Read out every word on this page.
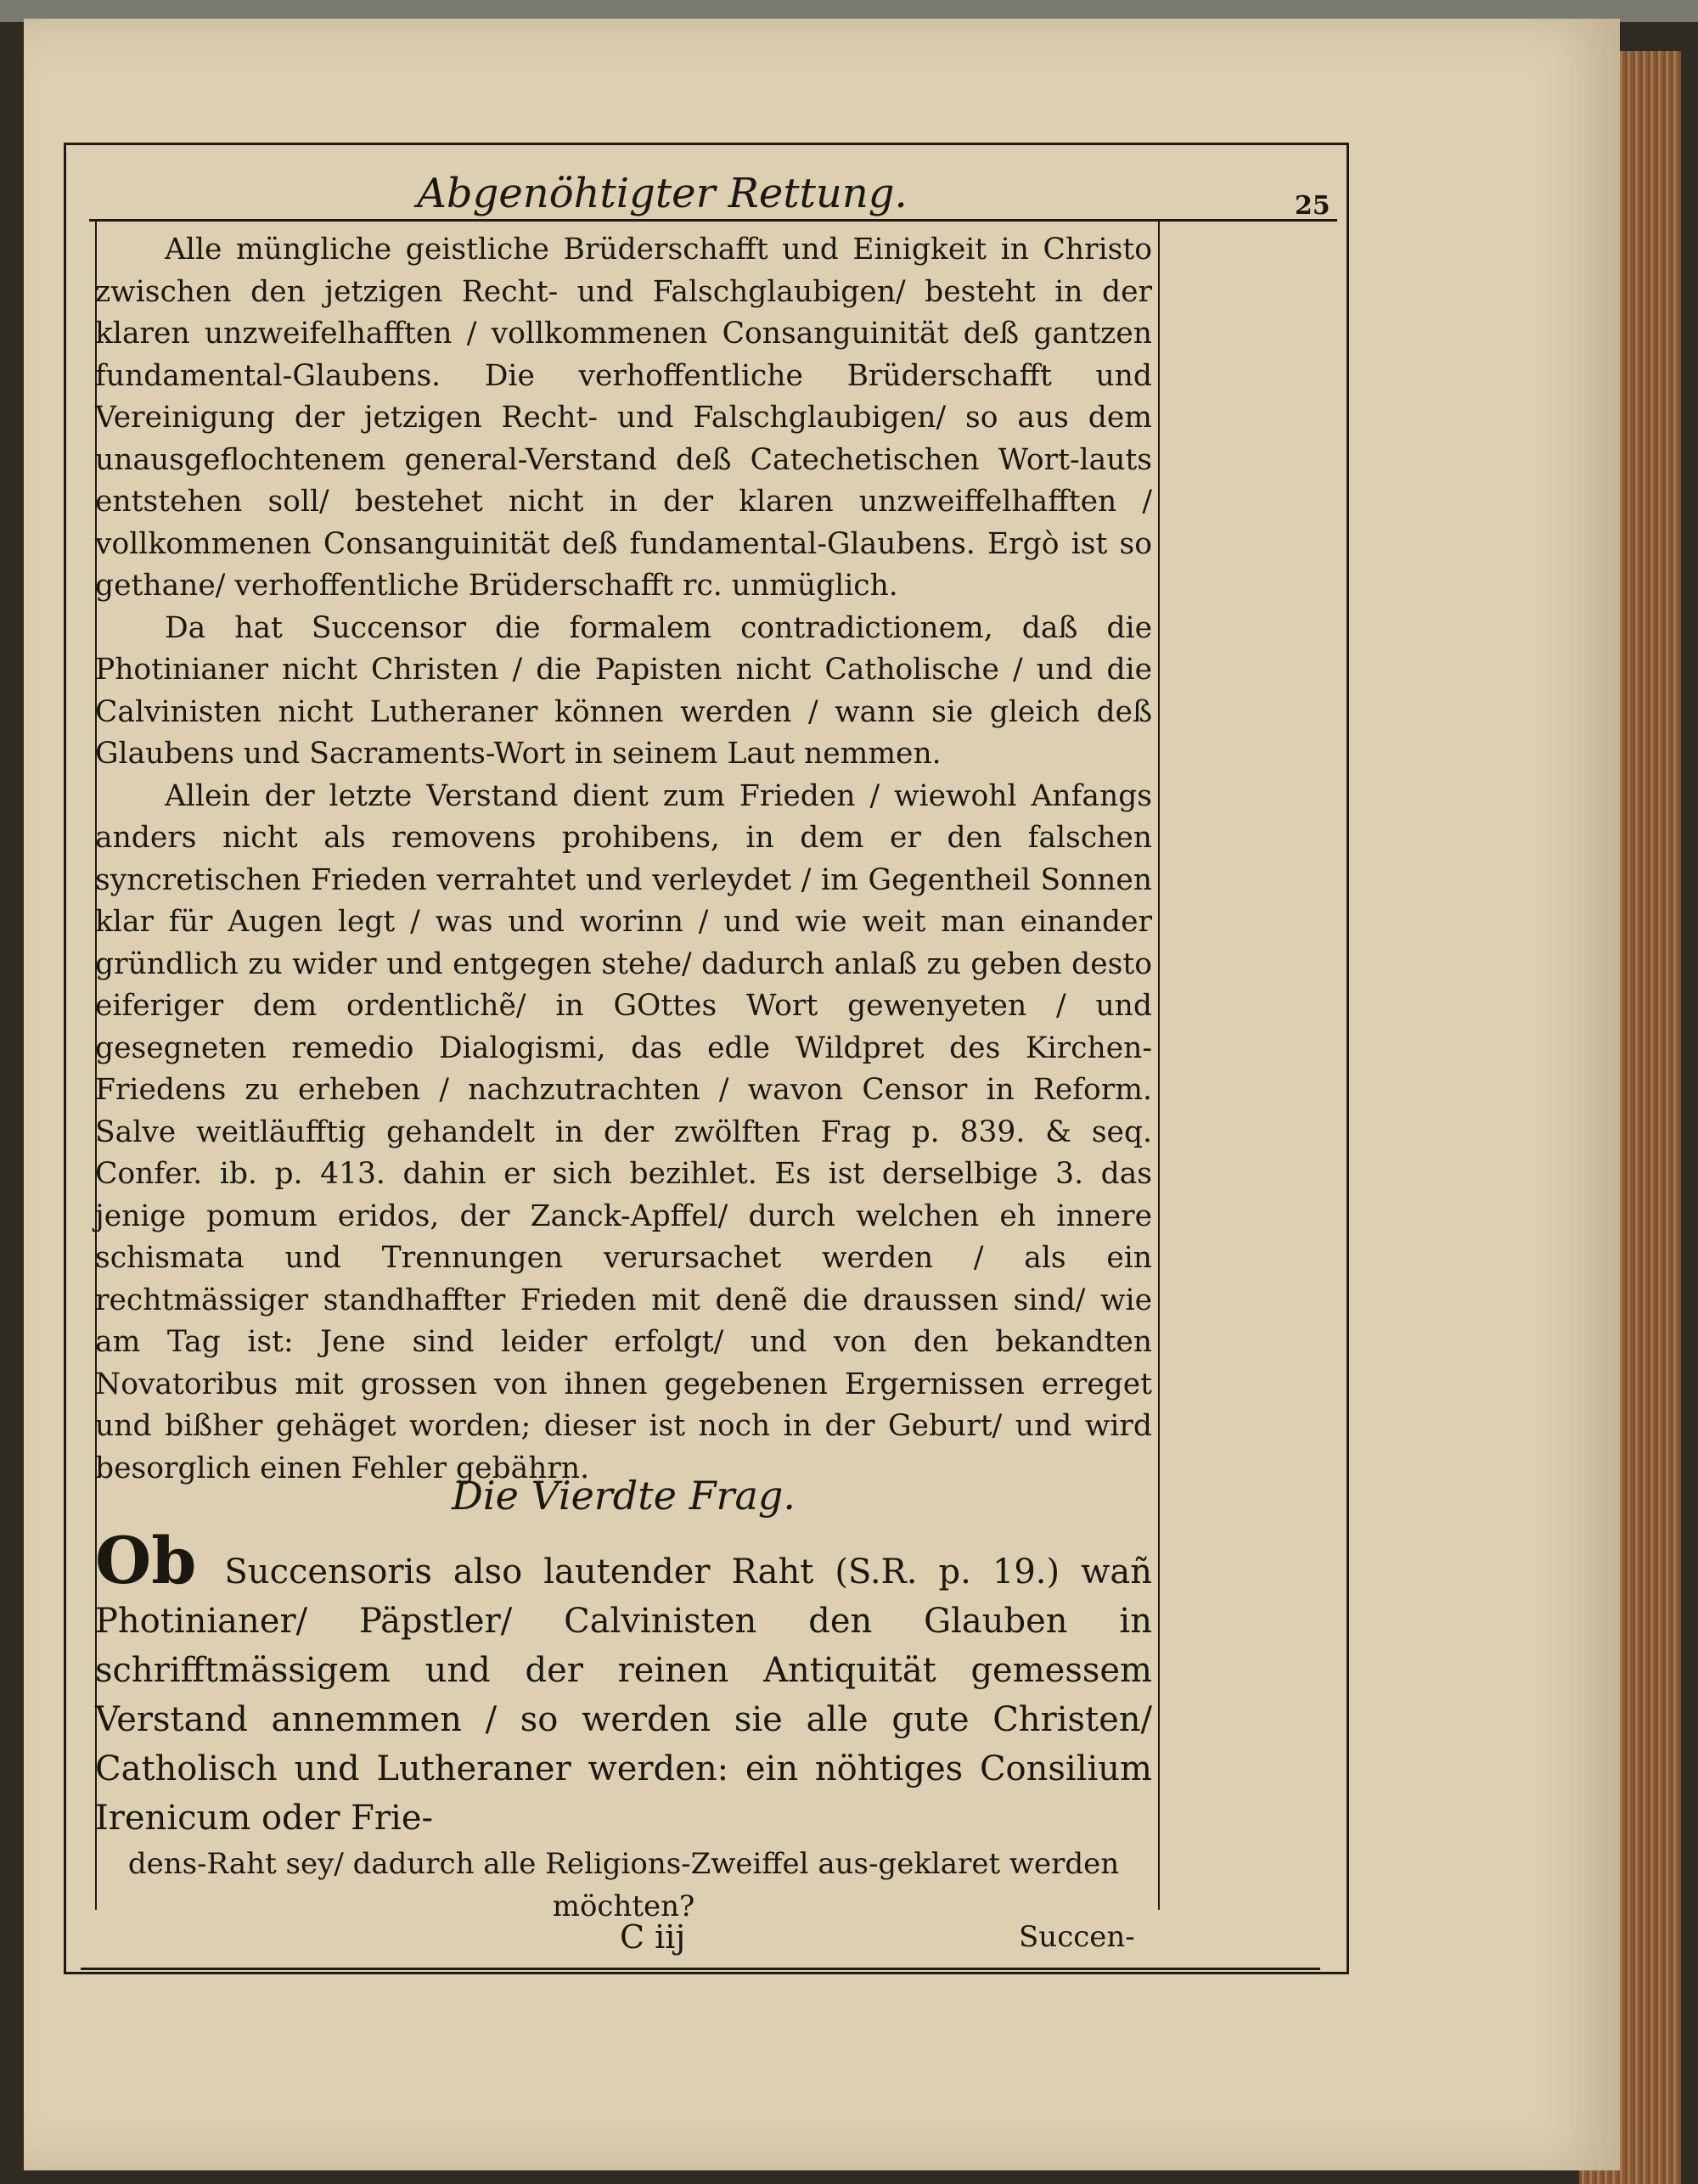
Abgenöhtigter Rettung.	25

Alle müngliche geistliche Brüderschafft und Einigkeit in Christo zwischen den jetzigen Recht- und Falschglaubigen/ besteht in der klaren unzweifelhafften / vollkommenen Consanguinität deß gantzen fundamental-Glaubens. Die verhoffentliche Brüderschafft und Vereinigung der jetzigen Recht- und Falschglaubigen/ so aus dem unausgeflochtenem general-Verstand deß Catechetischen Wort-lauts entstehen soll/ bestehet nicht in der klaren unzweiffelhafften / vollkommenen Consanguinität deß fundamental-Glaubens. Ergò ist so gethane/ verhoffentliche Brüderschafft rc. unmüglich.

Da hat Succensor die formalem contradictionem, daß die Photinianer nicht Christen / die Papisten nicht Catholische / und die Calvinisten nicht Lutheraner können werden / wann sie gleich deß Glaubens und Sacraments-Wort in seinem Laut nemmen.

Allein der letzte Verstand dient zum Frieden / wiewohl Anfangs anders nicht als removens prohibens, in dem er den falschen syncretischen Frieden verrahtet und verleydet / im Gegentheil Sonnen klar für Augen legt / was und worinn / und wie weit man einander gründlich zu wider und entgegen stehe/ dadurch anlaß zu geben desto eiferiger dem ordentlichẽ/ in GOttes Wort gewenyeten / und gesegneten remedio Dialogismi, das edle Wildpret des Kirchen-Friedens zu erheben / nachzutrachten / wavon Censor in Reform. Salve weitläufftig gehandelt in der zwölften Frag p. 839. & seq. Confer. ib. p. 413. dahin er sich bezihlet. Es ist derselbige 3. das jenige pomum eridos, der Zanck-Apffel/ durch welchen eh innere schismata und Trennungen verursachet werden / als ein rechtmässiger standhaffter Frieden mit denẽ die draussen sind/ wie am Tag ist: Jene sind leider erfolgt/ und von den bekandten Novatoribus mit grossen von ihnen gegebenen Ergernissen erreget und bißher gehäget worden; dieser ist noch in der Geburt/ und wird besorglich einen Fehler gebährn.

Die Vierdte Frag.
Ob Succensoris also lautender Raht (S.R. p. 19.) wañ Photinianer/ Päpstler/ Calvinisten den Glauben in schrifftmässigem und der reinen Antiquität gemessem Verstand annemmen / so werden sie alle gute Christen/ Catholisch und Lutheraner werden: ein nöhtiges Consilium Irenicum oder Frie-
dens-Raht sey/ dadurch alle Religions-Zweiffel aus-geklaret werden möchten?
C iij	Succen-
